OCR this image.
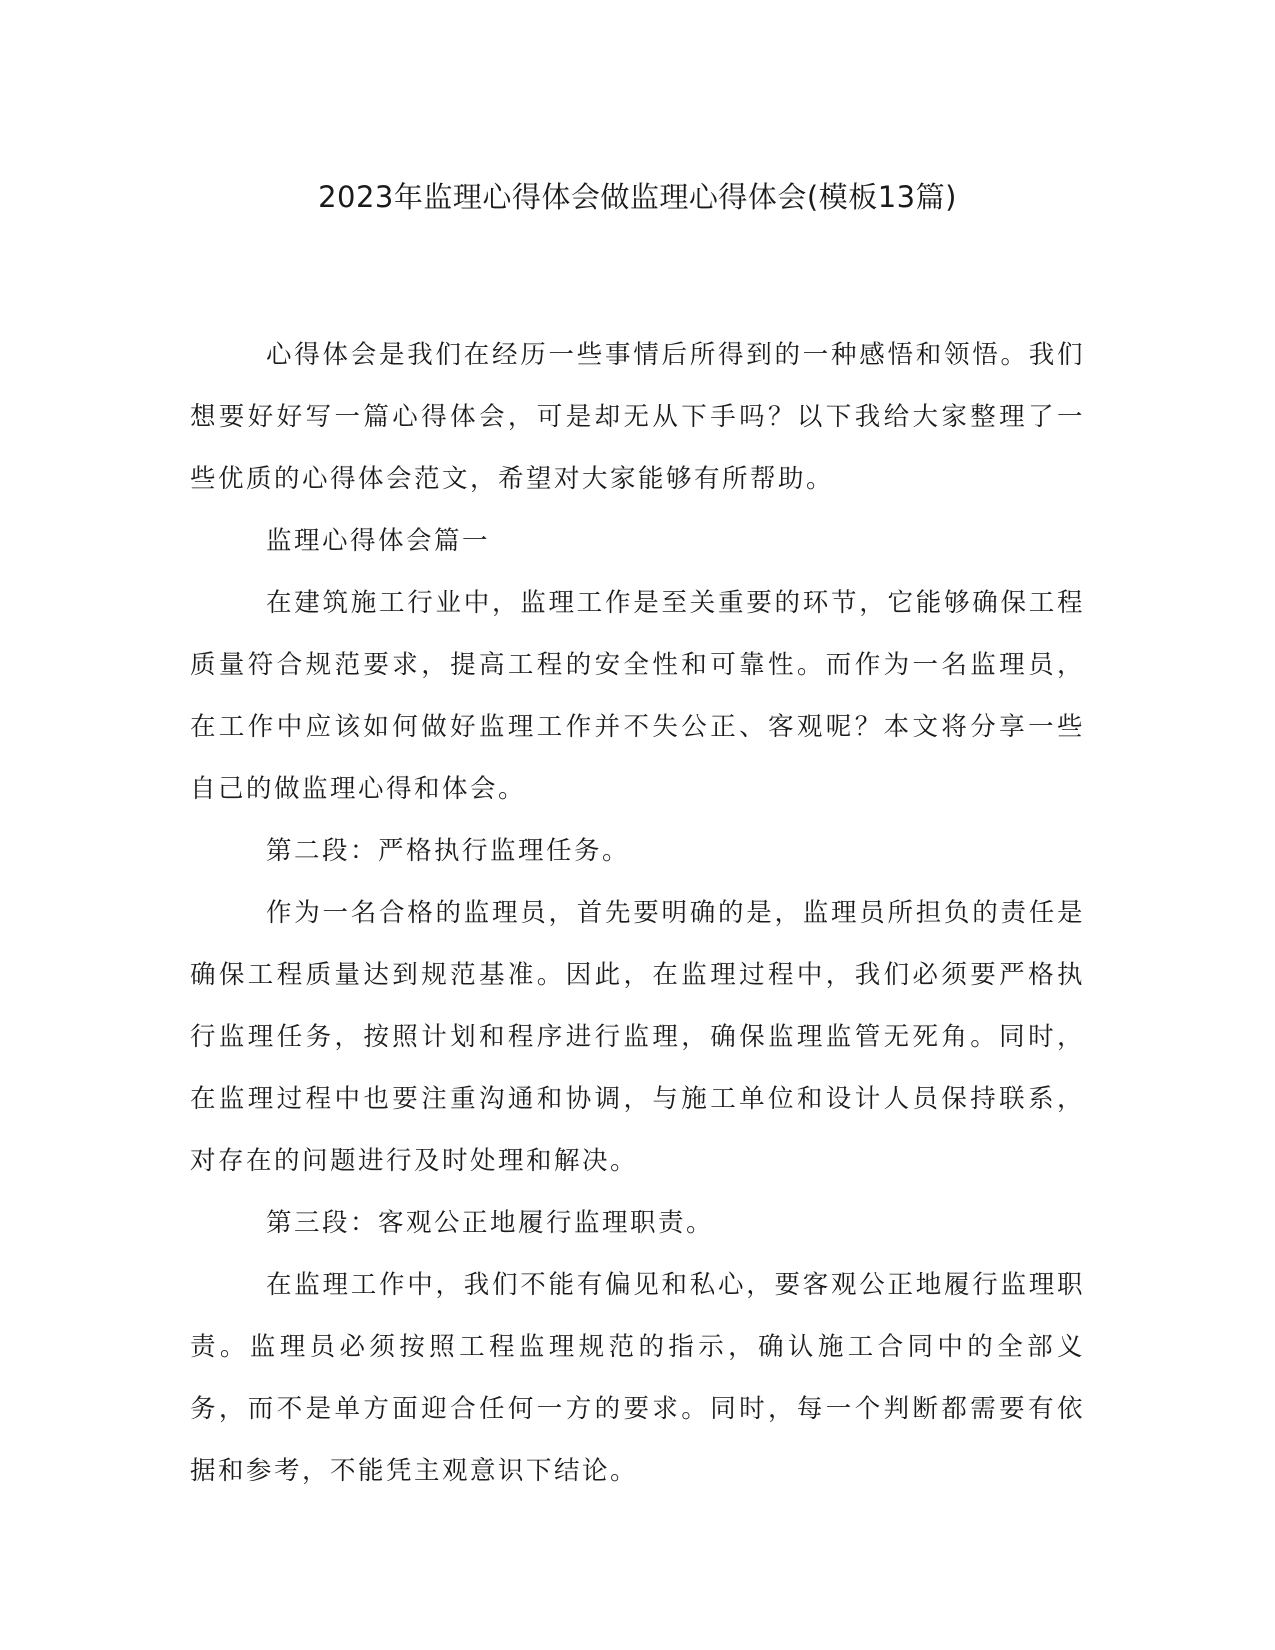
2023年监理心得体会做监理心得体会(模板13篇)

心得体会是我们在经历一些事情后所得到的一种感悟和领悟。我们想要好好写一篇心得体会，可是却无从下手吗？以下我给大家整理了一些优质的心得体会范文，希望对大家能够有所帮助。

监理心得体会篇一

在建筑施工行业中，监理工作是至关重要的环节，它能够确保工程质量符合规范要求，提高工程的安全性和可靠性。而作为一名监理员，在工作中应该如何做好监理工作并不失公正、客观呢？本文将分享一些自己的做监理心得和体会。

第二段：严格执行监理任务。

作为一名合格的监理员，首先要明确的是，监理员所担负的责任是确保工程质量达到规范基准。因此，在监理过程中，我们必须要严格执行监理任务，按照计划和程序进行监理，确保监理监管无死角。同时，在监理过程中也要注重沟通和协调，与施工单位和设计人员保持联系，对存在的问题进行及时处理和解决。

第三段：客观公正地履行监理职责。

在监理工作中，我们不能有偏见和私心，要客观公正地履行监理职责。监理员必须按照工程监理规范的指示，确认施工合同中的全部义务，而不是单方面迎合任何一方的要求。同时，每一个判断都需要有依据和参考，不能凭主观意识下结论。
